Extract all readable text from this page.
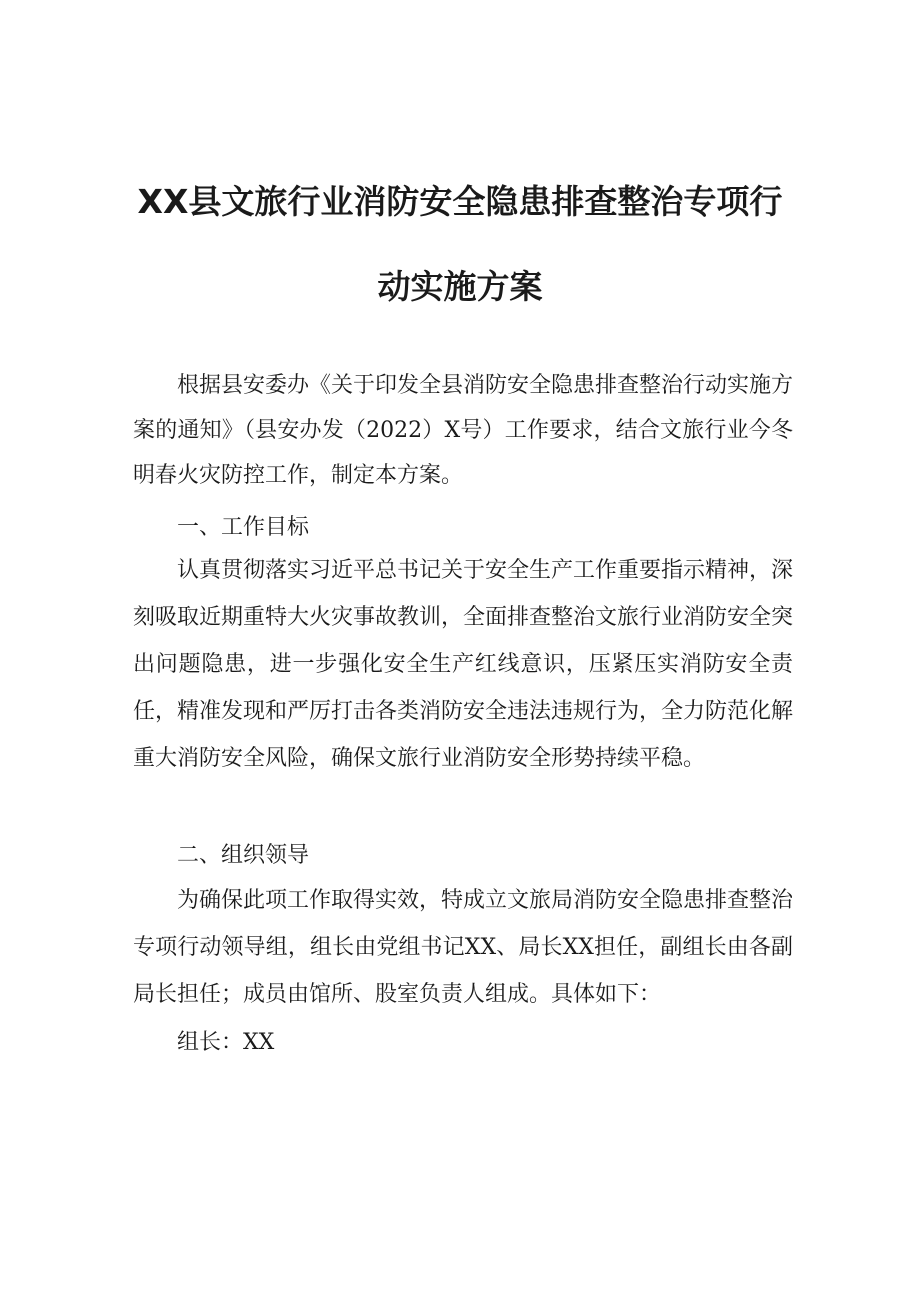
XX县文旅行业消防安全隐患排查整治专项行
动实施方案

根据县安委办《关于印发全县消防安全隐患排查整治行动实施方案的通知》（县安办发（2022）X号）工作要求，结合文旅行业今冬明春火灾防控工作，制定本方案。

一、工作目标

认真贯彻落实习近平总书记关于安全生产工作重要指示精神，深刻吸取近期重特大火灾事故教训，全面排查整治文旅行业消防安全突出问题隐患，进一步强化安全生产红线意识，压紧压实消防安全责任，精准发现和严厉打击各类消防安全违法违规行为，全力防范化解重大消防安全风险，确保文旅行业消防安全形势持续平稳。

二、组织领导

为确保此项工作取得实效，特成立文旅局消防安全隐患排查整治专项行动领导组，组长由党组书记XX、局长XX担任，副组长由各副局长担任；成员由馆所、股室负责人组成。具体如下：

组长：XX
